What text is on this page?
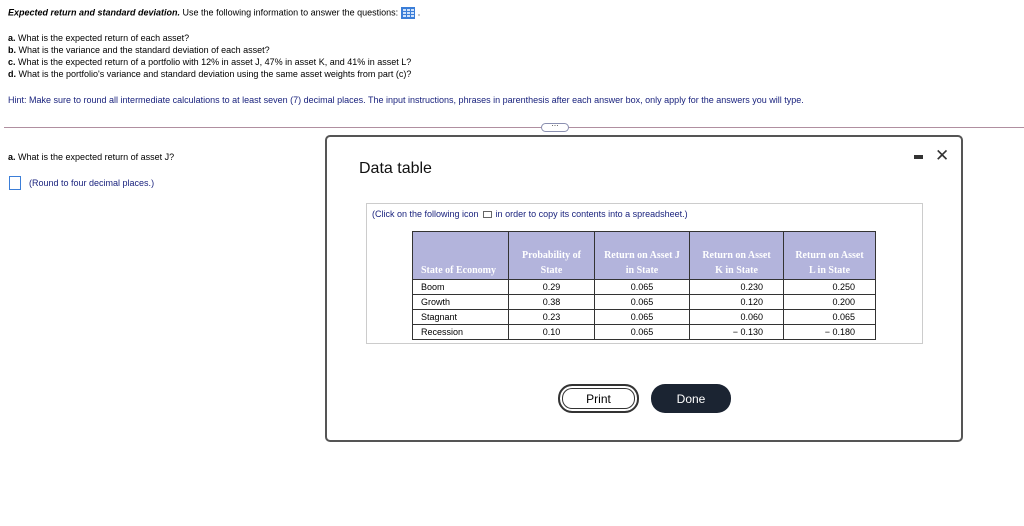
Expected return and standard deviation. Use the following information to answer the questions: .
a. What is the expected return of each asset?
b. What is the variance and the standard deviation of each asset?
c. What is the expected return of a portfolio with 12% in asset J, 47% in asset K, and 41% in asset L?
d. What is the portfolio's variance and standard deviation using the same asset weights from part (c)?
Hint: Make sure to round all intermediate calculations to at least seven (7) decimal places. The input instructions, phrases in parenthesis after each answer box, only apply for the answers you will type.
⋯
a. What is the expected return of asset J?
(Round to four decimal places.)
Data table
✕
(Click on the following icon in order to copy its contents into a spreadsheet.)
State of Economy	Probability of State	Return on Asset J in State	Return on Asset K in State	Return on Asset L in State
Boom	0.29	0.065	0.230	0.250
Growth	0.38	0.065	0.120	0.200
Stagnant	0.23	0.065	0.060	0.065
Recession	0.10	0.065	− 0.130	− 0.180
Print	Done
